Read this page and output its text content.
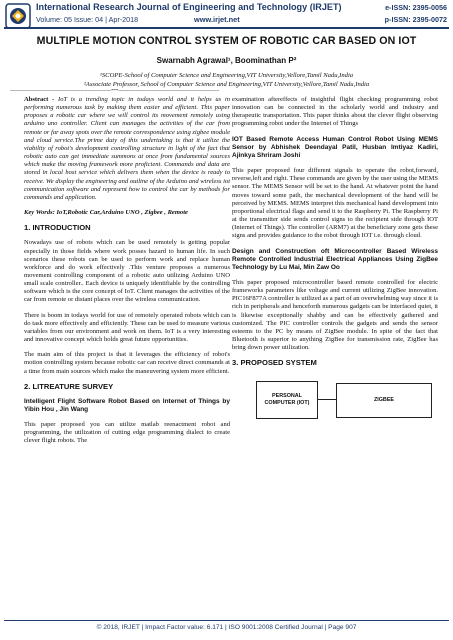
International Research Journal of Engineering and Technology (IRJET)
Volume: 05 Issue: 04 | Apr-2018	www.irjet.net
e-ISSN: 2395-0056
p-ISSN: 2395-0072
MULTIPLE MOTION CONTROL SYSTEM OF ROBOTIC CAR BASED ON IOT
Swarnabh Agrawal¹, Boominathan P²
¹SCOPE-School of Computer Science and Engineering,VIT University,Vellore,Tamil Nadu,India
²Associate Professor, School of Computer Science and Engineering,VIT University,Vellore,Tamil Nadu,India
---------------------------------------------------------------------***---------------------------------------------------------------------

Abstract - IoT is a trending topic in todays world and it helps us in performing numerous task by making them easier and efficient. This paper proposes a robotic car where we will control its movement remotely using arduino uno controller. Client can manages the activities of the car from remote or far away spots over the remote correspondence using zigbee module and cloud service.The prime duty of this undertaking is that it utilize the viability of robot's development controlling structure in light of the fact that robotic auto can get immediate summons at once from fundamental sources which make the moving framework more proficient. Commands and data are stored in local host service which delivers them when the device is ready to receive. We display the engineering and outline of the Arduino and wireless iot communication software and represent how to control the car by methods for commands and application.

Key Words: IoT,Robotic Car,Arduino UNO , Zigbee , Remote

1. INTRODUCTION

Nowadays use of robots which can be used remotely is getting popular especially in those fields where work posses hazard to human life. In such scenarios these robots can be used to perform work and replace human workforce and do work effectively .This venture proposes a numerous movement controlling component of a robotic auto utilizing Arduino UNO small scale controller.. Each device is uniquely identifiable by the controlling software which is the core concept of IoT. Client manages the activities of the car from remote or distant places over the wireless communication.

There is boom in todays world for use of remotely operated robots which can do task more effectively and efficiently. These can be used to measure various variables from our environment and work on them. IoT is a very interesting and innovative concept which holds great future opportunities.

The main aim of this project is that it leverages the efficiency of robot's motion controlling system because robotic car can receive direct commands at a time from main sources which make the maneuvering system more efficient.

2. LITREATURE SURVEY

Intelligent Flight Software Robot Based on Internet of Things by Yibin Hou , Jin Wang

This paper proposed you can utilize matlab reenactment robot and programming, the utilization of cutting edge programming dialect to create clever flight robots. The

examination aftereffects of insightful flight checking programming robot innovation can be connected in the scholarly world and industry and therapeutic transportation. This paper thinks about the clever flight observing programming robot under the Internet of Things

IOT Based Remote Access Human Control Robot Using MEMS Sensor by Abhishek Deendayal Patil, Husban Imtiyaz Kadiri, Ajinkya Shriram Joshi

This paper proposed four different signals to operate the robot,forward, reverse,left and right. These commands are given by the user using the MEMS sensor. The MEMS Sensor will be set to the hand. At whatever point the hand moves toward some path, the mechanical development of the hand will be perceived by MEMS. MEMS interpret this mechanical hand development into proportional electrical flags and send it to the Raspberry Pi. The Raspberry Pi at the transmitter side sends control signs to the recipient side through IOT (Internet of Things). The controller (ARM7) at the beneficiary zone gets these signs and provides guidance to the robot through IOT i.e. through cloud.

Design and Construction oft Microcontroller Based Wireless Remote Controlled Industrial Electrical Appliances Using ZigBee Technology by Lu Mai, Min Zaw Oo

This paper proposed microcontroller based remote controlled for electric frameworks parameters like voltage and current utilizing ZigBee innovation. PIC16F877A controller is utilized as a part of an overwhelming way since it is rich in peripherals and henceforth numerous gadgets can be interfaced quiet, it is likewise exceptionally shabby and can be effectively gathered and customized. The PIC controller controls the gadgets and sends the sensor esteems to the PC by means of ZigBee module. In spite of the fact that Bluetooth is superior to anything ZigBee for transmission rate, ZigBee has bring down power utilization.

3. PROPOSED SYSTEM
PERSONAL COMPUTER (IOT)	ZIGBEE
© 2018, IRJET | Impact Factor value: 6.171 | ISO 9001:2008 Certified Journal | Page 907
